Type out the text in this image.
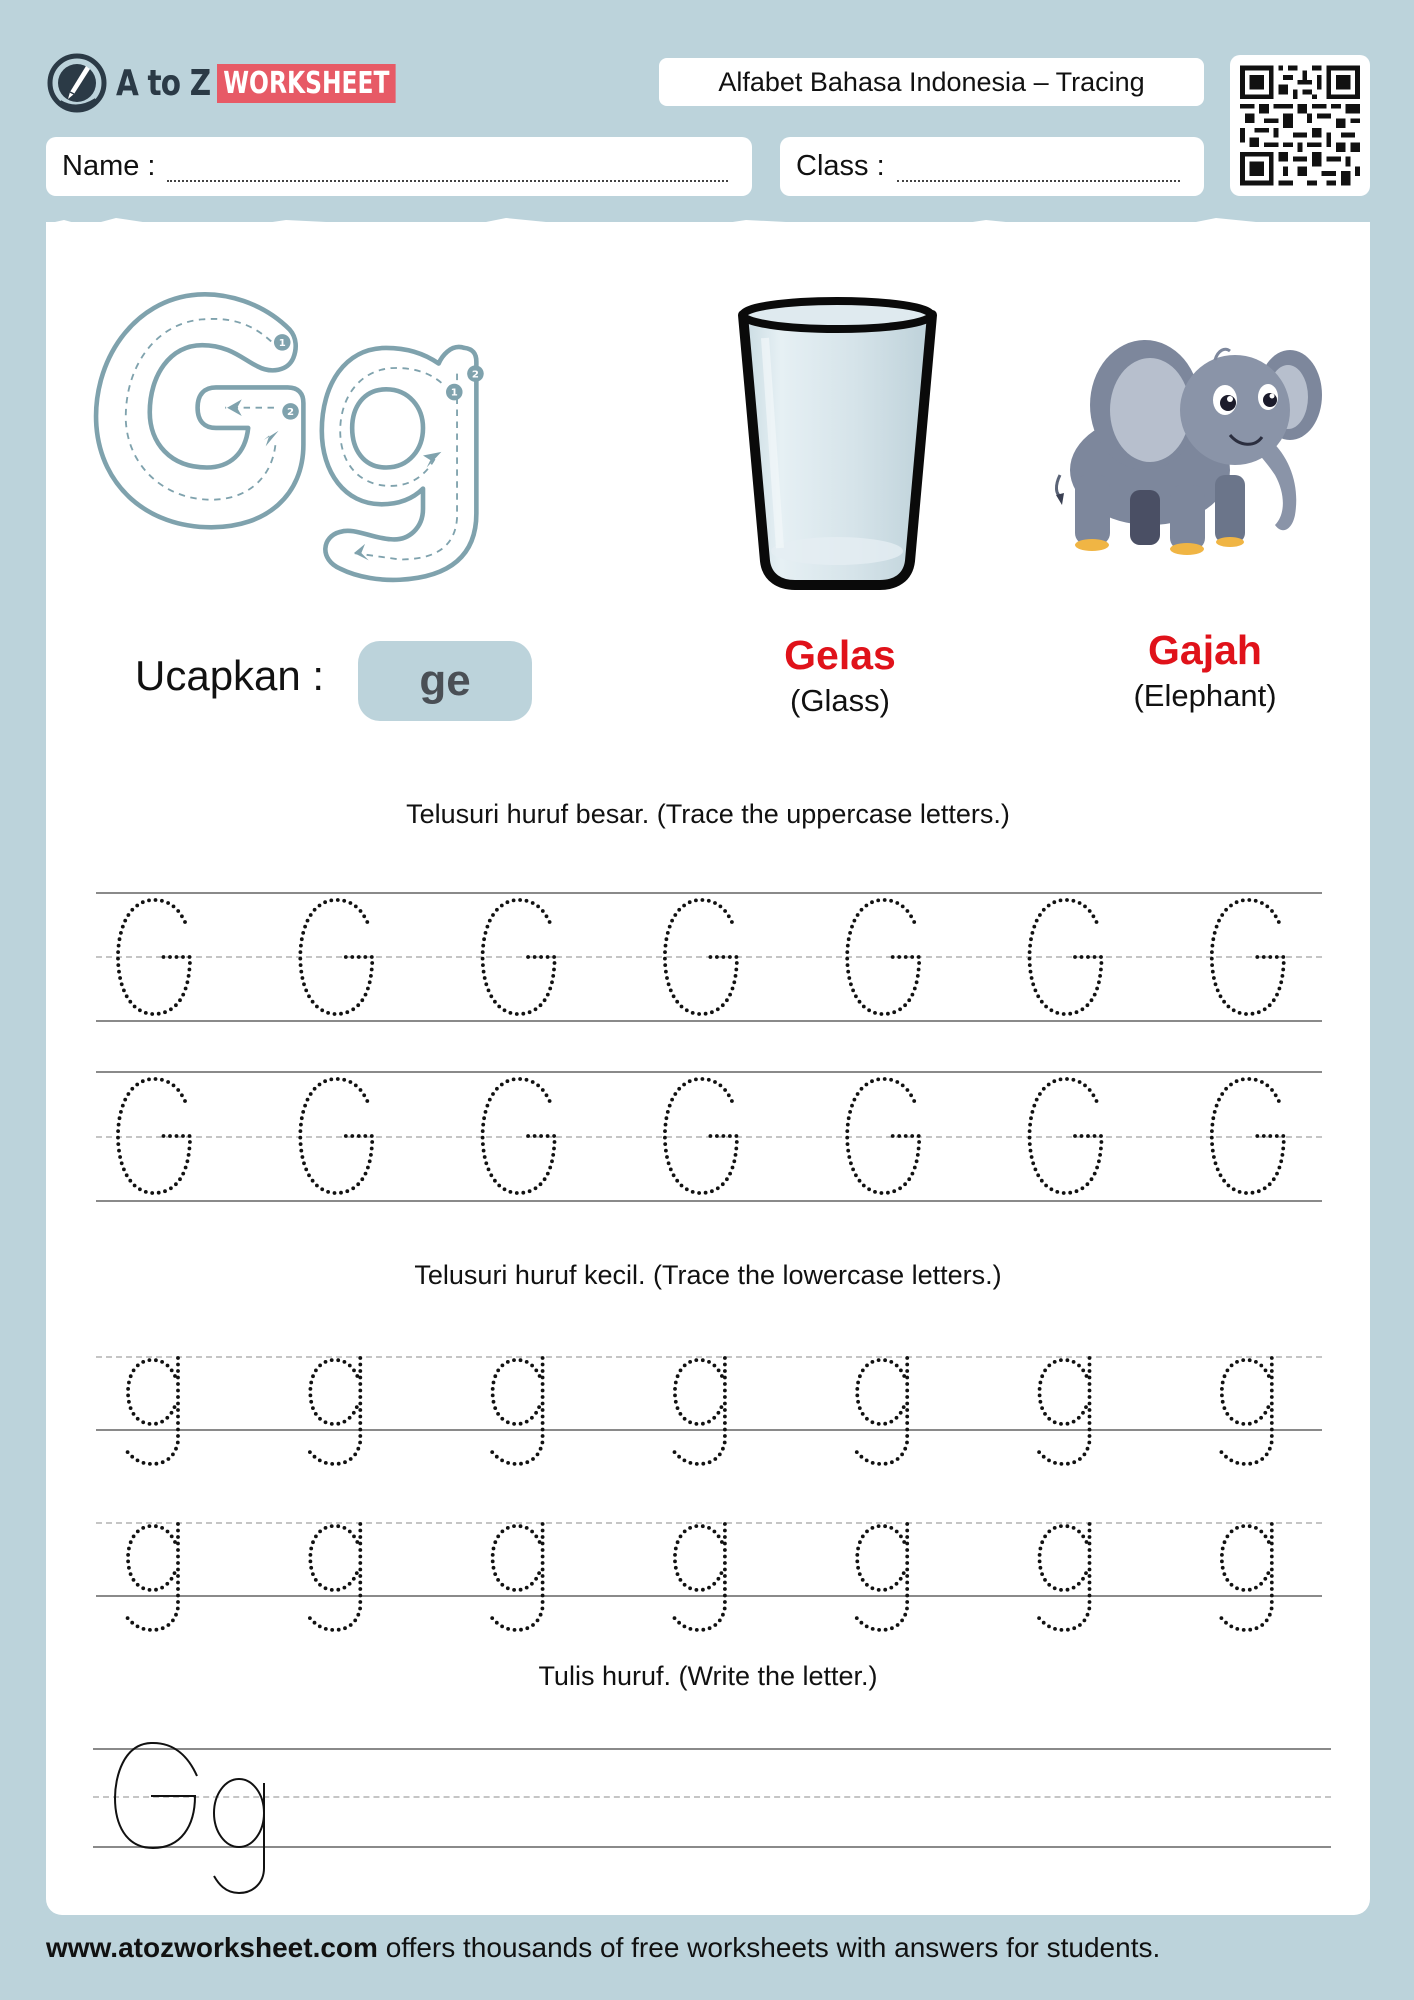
A to Z WORKSHEET	Alfabet Bahasa Indonesia – Tracing
Name :	Class :
1
2
1
2
Ucapkan :	ge
Gelas
(Glass)
Gajah
(Elephant)
Telusuri huruf besar. (Trace the uppercase letters.)
Telusuri huruf kecil. (Trace the lowercase letters.)
Tulis huruf. (Write the letter.)
www.atozworksheet.com offers thousands of free worksheets with answers for students.
